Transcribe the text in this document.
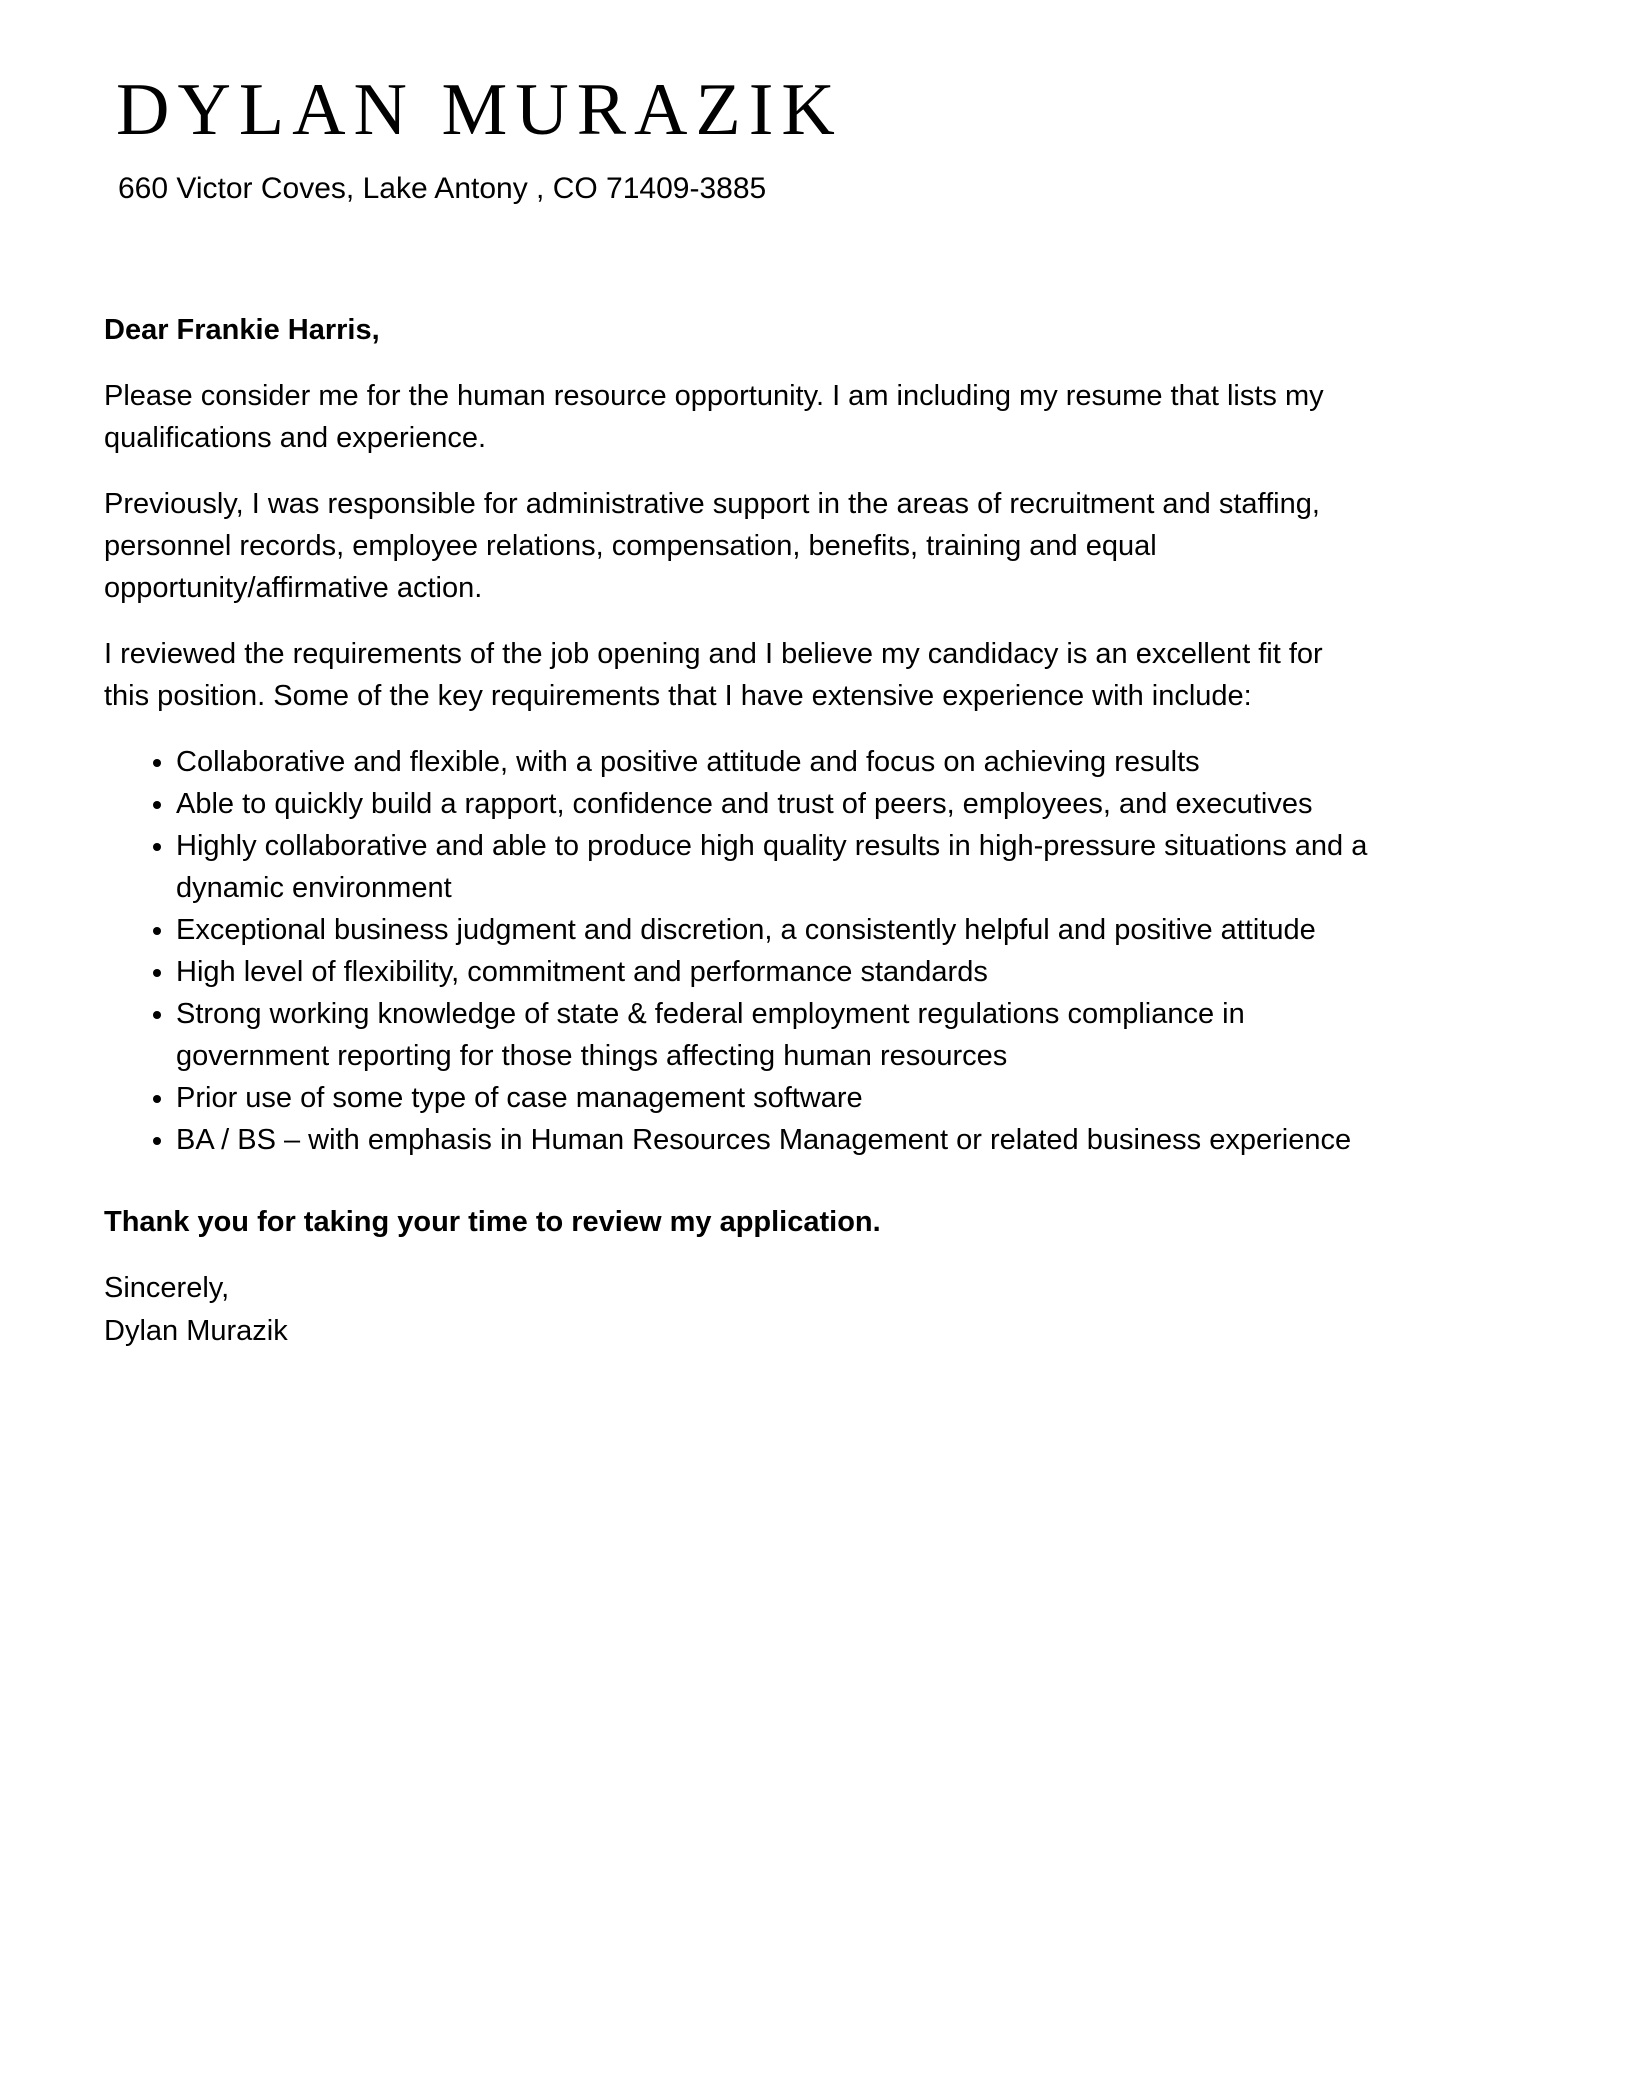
DYLAN MURAZIK
660 Victor Coves, Lake Antony , CO 71409-3885
Dear Frankie Harris,

Please consider me for the human resource opportunity. I am including my resume that lists my qualifications and experience.

Previously, I was responsible for administrative support in the areas of recruitment and staffing, personnel records, employee relations, compensation, benefits, training and equal opportunity/affirmative action.

I reviewed the requirements of the job opening and I believe my candidacy is an excellent fit for this position. Some of the key requirements that I have extensive experience with include:

• Collaborative and flexible, with a positive attitude and focus on achieving results
• Able to quickly build a rapport, confidence and trust of peers, employees, and executives
• Highly collaborative and able to produce high quality results in high-pressure situations and a dynamic environment
• Exceptional business judgment and discretion, a consistently helpful and positive attitude
• High level of flexibility, commitment and performance standards
• Strong working knowledge of state & federal employment regulations compliance in government reporting for those things affecting human resources
• Prior use of some type of case management software
• BA / BS – with emphasis in Human Resources Management or related business experience
Thank you for taking your time to review my application.
Sincerely,
Dylan Murazik
